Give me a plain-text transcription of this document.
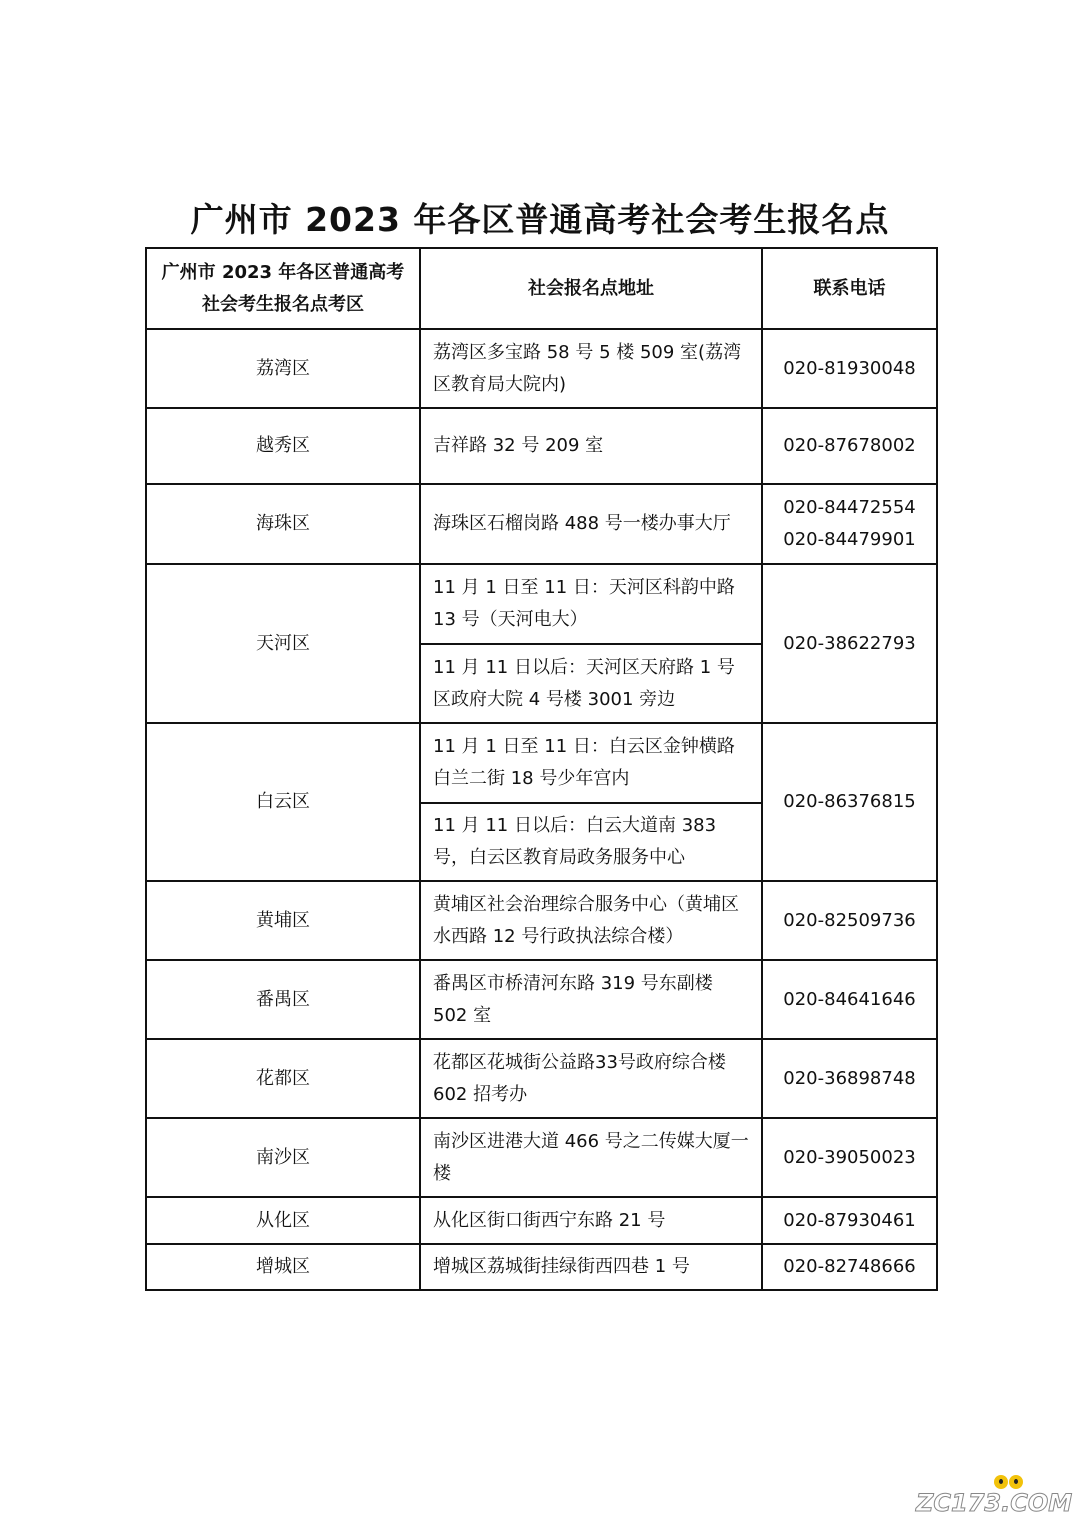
广州市 2023 年各区普通高考社会考生报名点
广州市 2023 年各区普通高考社会考生报名点考区	社会报名点地址	联系电话
荔湾区	荔湾区多宝路 58 号 5 楼 509 室(荔湾区教育局大院内)	020-81930048
越秀区	吉祥路 32 号 209 室	020-87678002
海珠区	海珠区石榴岗路 488 号一楼办事大厅	020-84472554
020-84479901

天河区	11 月 1 日至 11 日：天河区科韵中路 13 号（天河电大）	020-38622793
	11 月 11 日以后：天河区天府路 1 号区政府大院 4 号楼 3001 旁边	
白云区	11 月 1 日至 11 日：白云区金钟横路白兰二街 18 号少年宫内	020-86376815
	11 月 11 日以后：白云大道南 383 号，白云区教育局政务服务中心	
黄埔区	黄埔区社会治理综合服务中心（黄埔区水西路 12 号行政执法综合楼）	020-82509736
番禺区	番禺区市桥清河东路 319 号东副楼 502 室	020-84641646
花都区	花都区花城街公益路33号政府综合楼 602 招考办	020-36898748
南沙区	南沙区进港大道 466 号之二传媒大厦一楼	020-39050023
从化区	从化区街口街西宁东路 21 号	020-87930461
增城区	增城区荔城街挂绿街西四巷 1 号	020-82748666
ZC173.COM
